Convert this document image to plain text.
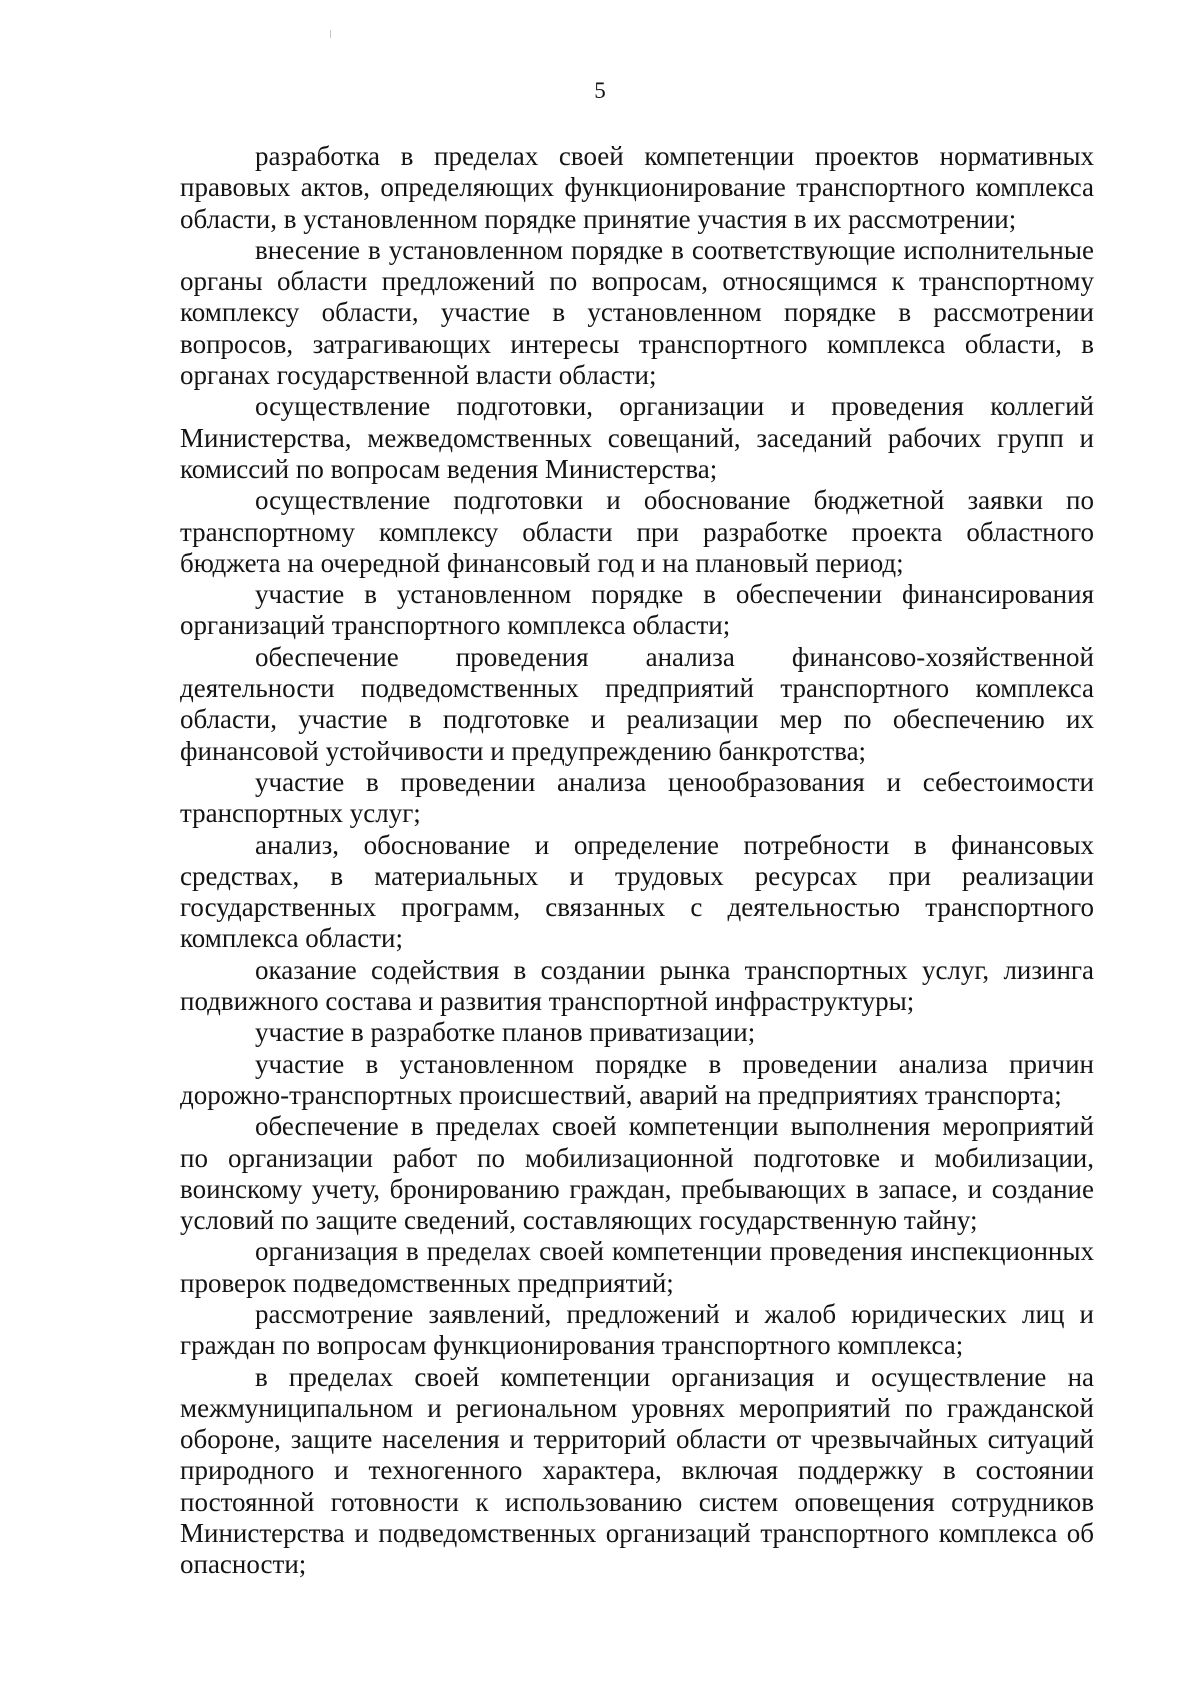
5

разработка в пределах своей компетенции проектов нормативных правовых актов, определяющих функционирование транспортного комплекса области, в установленном порядке принятие участия в их рассмотрении;

внесение в установленном порядке в соответствующие исполнительные органы области предложений по вопросам, относящимся к транспортному комплексу области, участие в установленном порядке в рассмотрении вопросов, затрагивающих интересы транспортного комплекса области, в органах государственной власти области;

осуществление подготовки, организации и проведения коллегий Министерства, межведомственных совещаний, заседаний рабочих групп и комиссий по вопросам ведения Министерства;

осуществление подготовки и обоснование бюджетной заявки по транспортному комплексу области при разработке проекта областного бюджета на очередной финансовый год и на плановый период;

участие в установленном порядке в обеспечении финансирования организаций транспортного комплекса области;

обеспечение проведения анализа финансово-хозяйственной деятельности подведомственных предприятий транспортного комплекса области, участие в подготовке и реализации мер по обеспечению их финансовой устойчивости и предупреждению банкротства;

участие в проведении анализа ценообразования и себестоимости транспортных услуг;

анализ, обоснование и определение потребности в финансовых средствах, в материальных и трудовых ресурсах при реализации государственных программ, связанных с деятельностью транспортного комплекса области;

оказание содействия в создании рынка транспортных услуг, лизинга подвижного состава и развития транспортной инфраструктуры;

участие в разработке планов приватизации;

участие в установленном порядке в проведении анализа причин дорожно-транспортных происшествий, аварий на предприятиях транспорта;

обеспечение в пределах своей компетенции выполнения мероприятий по организации работ по мобилизационной подготовке и мобилизации, воинскому учету, бронированию граждан, пребывающих в запасе, и создание условий по защите сведений, составляющих государственную тайну;

организация в пределах своей компетенции проведения инспекционных проверок подведомственных предприятий;

рассмотрение заявлений, предложений и жалоб юридических лиц и граждан по вопросам функционирования транспортного комплекса;

в пределах своей компетенции организация и осуществление на межмуниципальном и региональном уровнях мероприятий по гражданской обороне, защите населения и территорий области от чрезвычайных ситуаций природного и техногенного характера, включая поддержку в состоянии постоянной готовности к использованию систем оповещения сотрудников Министерства и подведомственных организаций транспортного комплекса об опасности;
